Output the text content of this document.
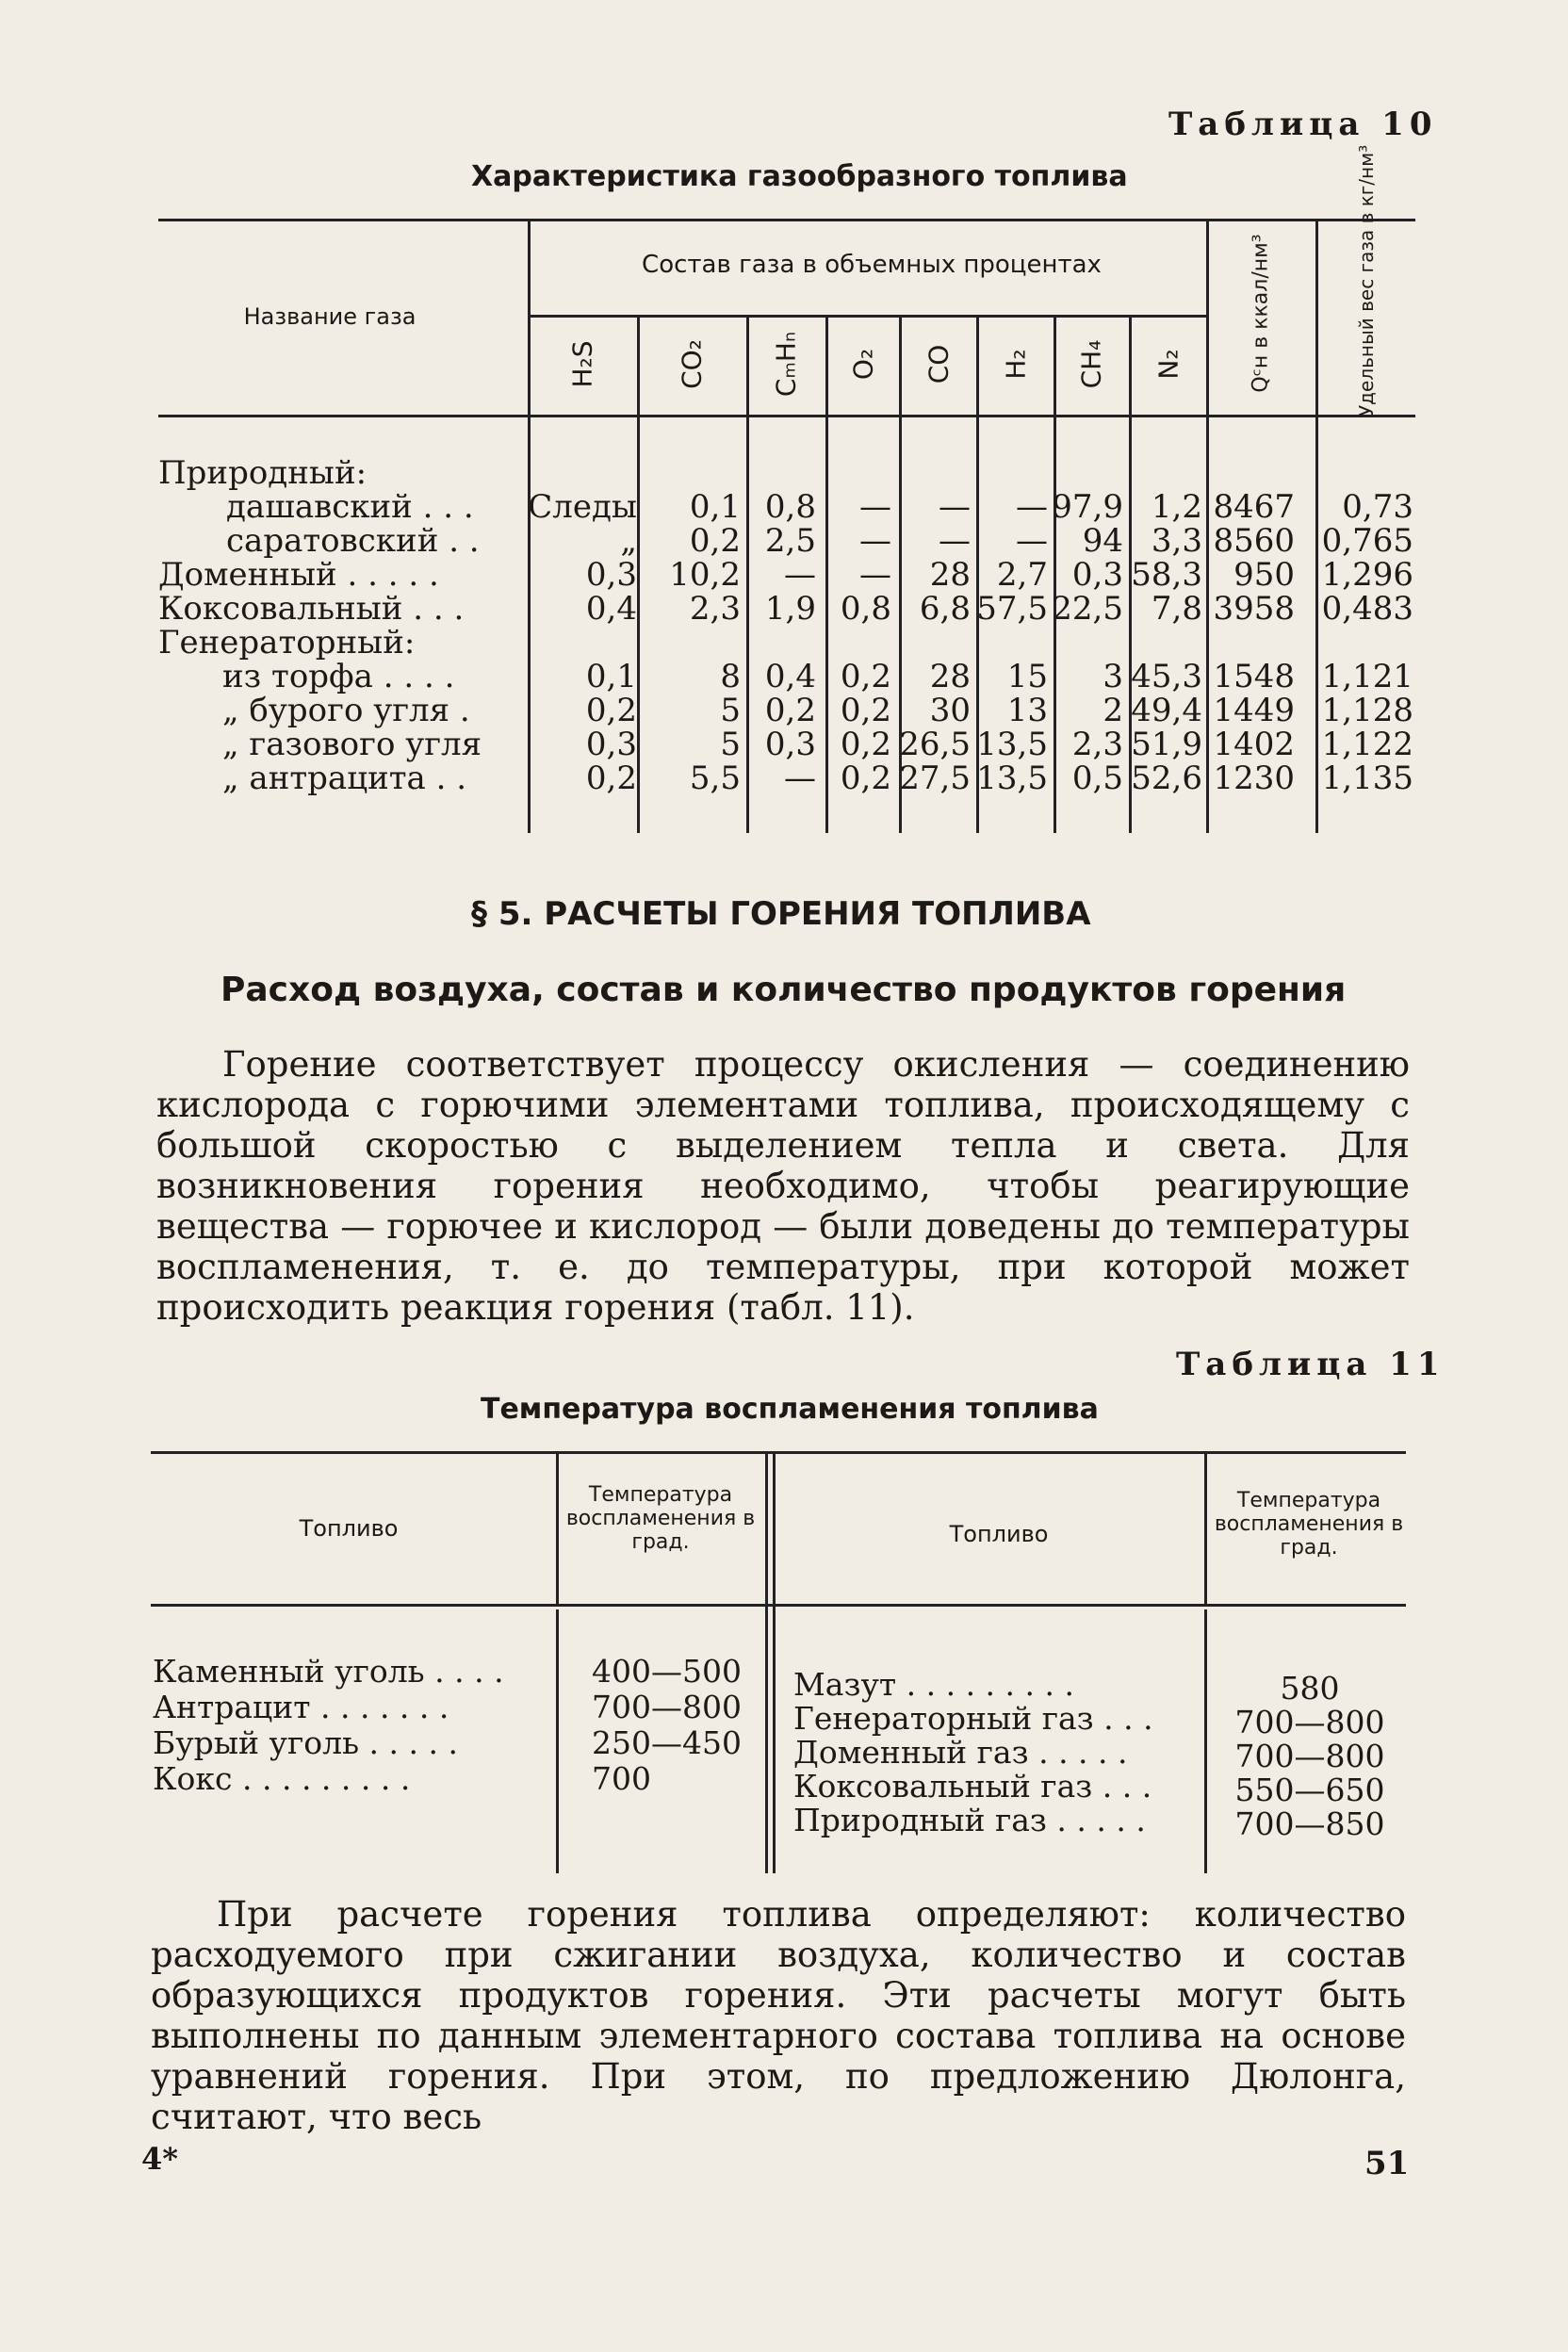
Таблица 10
Характеристика газообразного топлива
Название газа
Состав газа в объемных процентах
H₂S	CO₂ CₘHₙ O₂ CO H₂ CH₄ N₂	Qᶜн в ккал/нм³	Удельный вес газа в кг/нм³
Природный:
дашавский . . . Следы 0,1 0,8 — — — 97,9 1,2 8467 0,73
саратовский . .	„ 0,2 2,5 — — — 94 3,3 8560 0,765
Доменный . . . . .	0,3 10,2 — — 28 2,7 0,3 58,3 950 1,296
Коксовальный . . .	0,4 2,3 1,9 0,8 6,8 57,5 22,5 7,8 3958 0,483
Генераторный:
из торфа . . . .	0,1	8 0,4 0,2 28 15 3 45,3 1548 1,121
„ бурого угля .	0,2	5 0,2 0,2 30 13 2 49,4 1449 1,128
„ газового угля	0,3	5 0,3 0,2 26,5 13,5 2,3 51,9 1402 1,122
„ антрацита . .	0,2 5,5 — 0,2 27,5 13,5 0,5 52,6 1230 1,135
§ 5. РАСЧЕТЫ ГОРЕНИЯ ТОПЛИВА
Расход воздуха, состав и количество продуктов горения
Горение соответствует процессу окисления — соединению кислорода с горючими элементами топлива, происходящему с большой скоростью с выделением тепла и света. Для возникновения горения необходимо, чтобы реагирующие вещества — горючее и кислород — были доведены до температуры воспламенения, т. е. до температуры, при которой может происходить реакция горения (табл. 11).
Таблица 11
Температура воспламенения топлива
Топливо
Температура воспламенения в град.	Топливо
Температура воспламенения в град.
Каменный уголь . . . .	400—500
Антрацит . . . . . . .	700—800
Бурый уголь . . . . .	250—450
Кокс . . . . . . . . .	700
Мазут . . . . . . . . .	580
Генераторный газ . . .	700—800
Доменный газ . . . . .	700—800
Коксовальный газ . . .	550—650
Природный газ . . . . .	700—850
При расчете горения топлива определяют: количество расходуемого при сжигании воздуха, количество и состав образующихся продуктов горения. Эти расчеты могут быть выполнены по данным элементарного состава топлива на основе уравнений горения. При этом, по предложению Дюлонга, считают, что весь
4*	51
